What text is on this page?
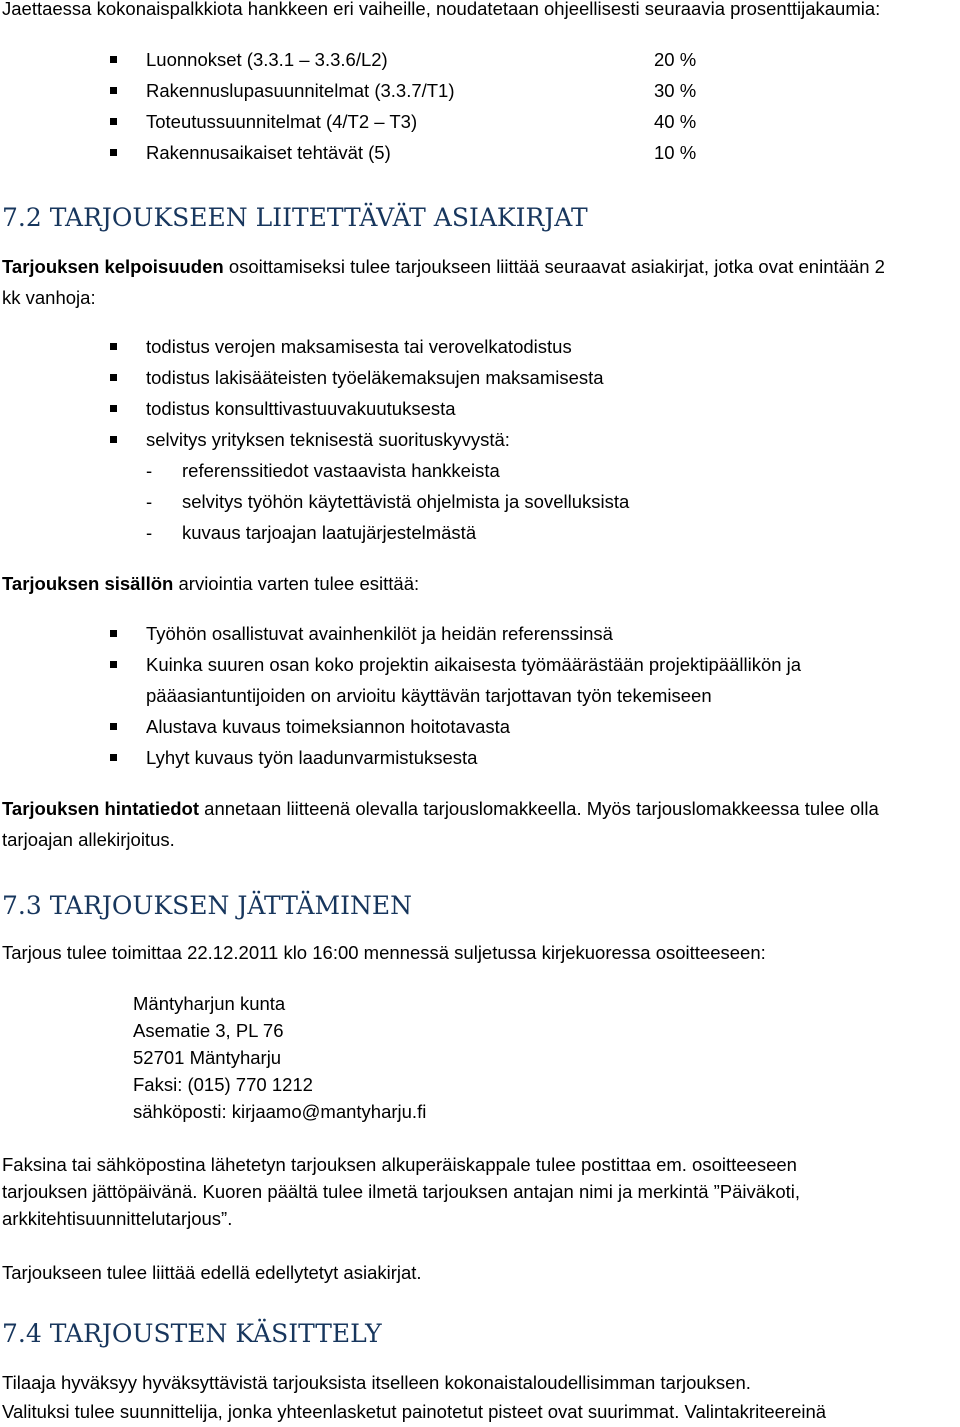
Jaettaessa kokonaispalkkiota hankkeen eri vaiheille, noudatetaan ohjeellisesti seuraavia prosenttijakaumia:

Luonnokset (3.3.1 – 3.3.6/L2)	20 %
Rakennuslupasuunnitelmat (3.3.7/T1)	30 %
Toteutussuunnitelmat (4/T2 – T3)	40 %
Rakennusaikaiset tehtävät (5)	10 %
7.2 TARJOUKSEEN LIITETTÄVÄT ASIAKIRJAT

Tarjouksen kelpoisuuden osoittamiseksi tulee tarjoukseen liittää seuraavat asiakirjat, jotka ovat enintään 2

kk vanhoja:

todistus verojen maksamisesta tai verovelkatodistus
todistus lakisääteisten työeläkemaksujen maksamisesta
todistus konsulttivastuuvakuutuksesta
selvitys yrityksen teknisestä suorituskyvystä:
- referenssitiedot vastaavista hankkeista
- selvitys työhön käytettävistä ohjelmista ja sovelluksista
- kuvaus tarjoajan laatujärjestelmästä

Tarjouksen sisällön arviointia varten tulee esittää:

Työhön osallistuvat avainhenkilöt ja heidän referenssinsä
Kuinka suuren osan koko projektin aikaisesta työmäärästään projektipäällikön ja
pääasiantuntijoiden on arvioitu käyttävän tarjottavan työn tekemiseen
Alustava kuvaus toimeksiannon hoitotavasta
Lyhyt kuvaus työn laadunvarmistuksesta

Tarjouksen hintatiedot annetaan liitteenä olevalla tarjouslomakkeella. Myös tarjouslomakkeessa tulee olla

tarjoajan allekirjoitus.

7.3 TARJOUKSEN JÄTTÄMINEN

Tarjous tulee toimittaa 22.12.2011 klo 16:00 mennessä suljetussa kirjekuoressa osoitteeseen:

Mäntyharjun kunta
Asematie 3, PL 76
52701 Mäntyharju
Faksi: (015) 770 1212
sähköposti: kirjaamo@mantyharju.fi

Faksina tai sähköpostina lähetetyn tarjouksen alkuperäiskappale tulee postittaa em. osoitteeseen

tarjouksen jättöpäivänä. Kuoren päältä tulee ilmetä tarjouksen antajan nimi ja merkintä ”Päiväkoti,

arkkitehtisuunnittelutarjous”.

Tarjoukseen tulee liittää edellä edellytetyt asiakirjat.

7.4 TARJOUSTEN KÄSITTELY

Tilaaja hyväksyy hyväksyttävistä tarjouksista itselleen kokonaistaloudellisimman tarjouksen.

Valituksi tulee suunnittelija, jonka yhteenlasketut painotetut pisteet ovat suurimmat. Valintakriteereinä
